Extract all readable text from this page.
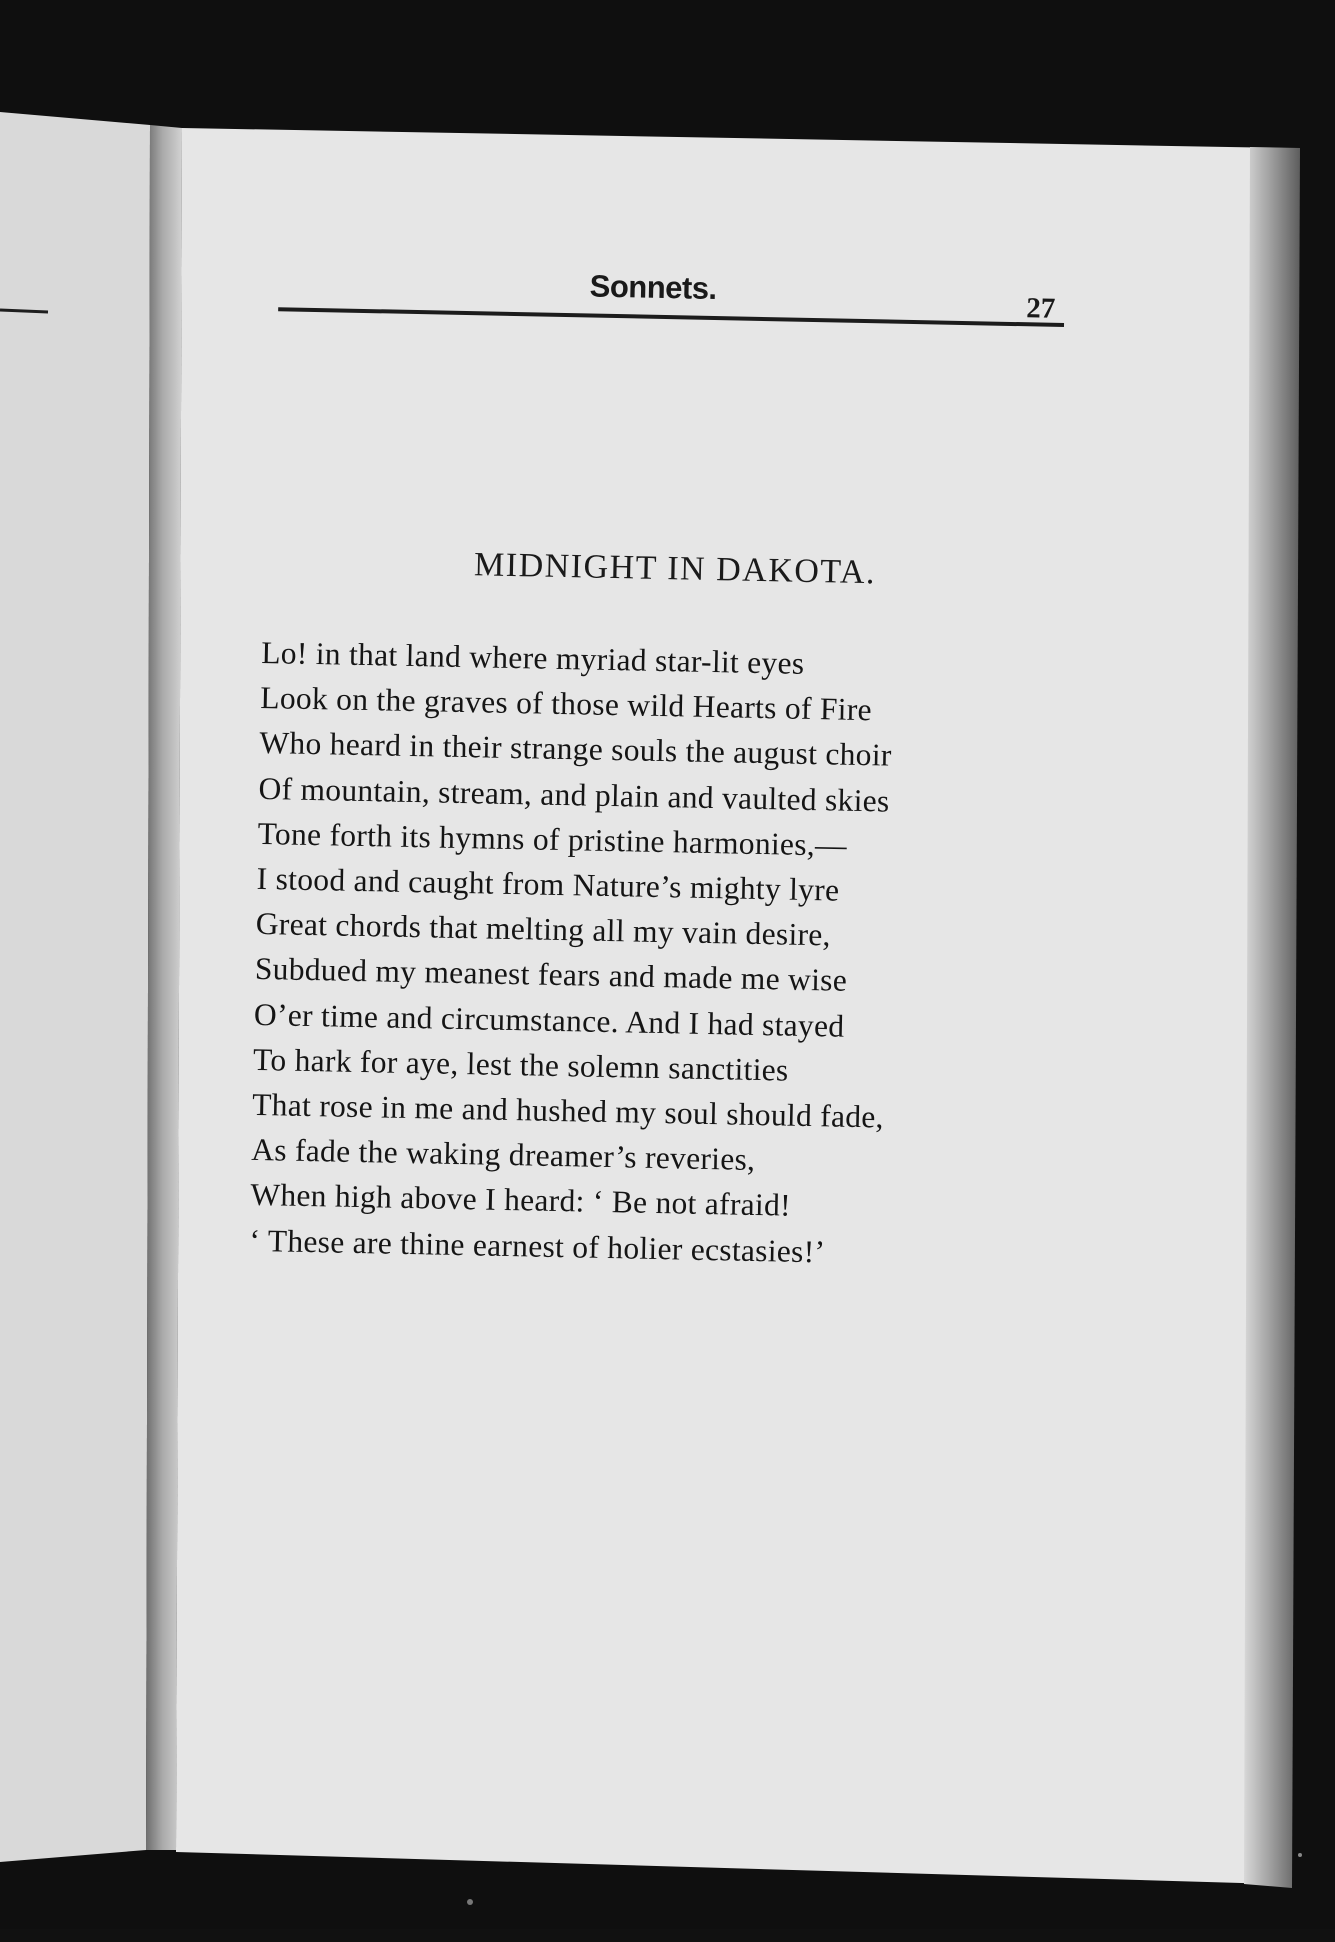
Sonnets.
27
MIDNIGHT IN DAKOTA.
Lo! in that land where myriad star-lit eyes
Look on the graves of those wild Hearts of Fire
Who heard in their strange souls the august choir
Of mountain, stream, and plain and vaulted skies
Tone forth its hymns of pristine harmonies,—
I stood and caught from Nature’s mighty lyre
Great chords that melting all my vain desire,
Subdued my meanest fears and made me wise
O’er time and circumstance. And I had stayed
To hark for aye, lest the solemn sanctities
That rose in me and hushed my soul should fade,
As fade the waking dreamer’s reveries,
When high above I heard: ‘ Be not afraid!
‘ These are thine earnest of holier ecstasies!’
